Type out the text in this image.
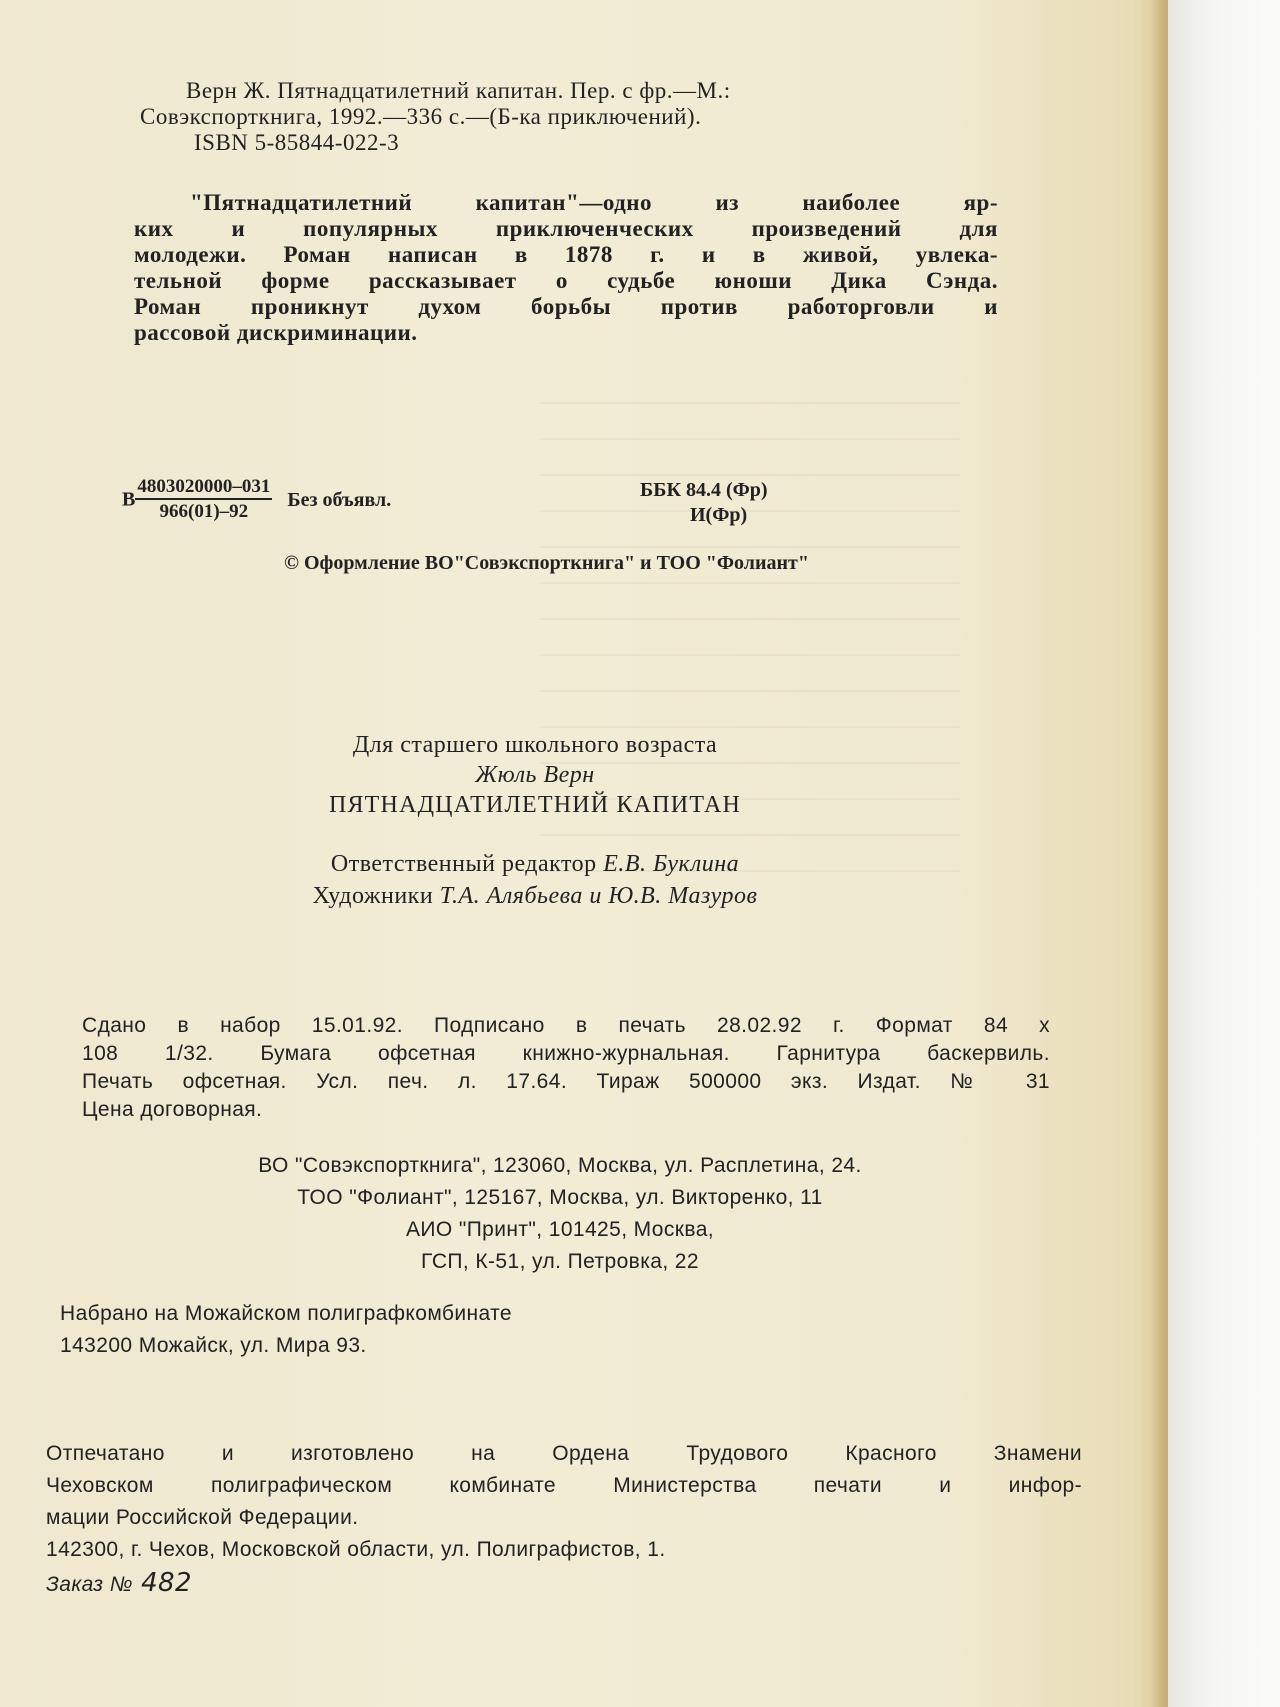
Верн Ж. Пятнадцатилетний капитан. Пер. с фр.—М.:
Совэкспорткнига, 1992.—336 с.—(Б-ка приключений).
ISBN 5-85844-022-3
"Пятнадцатилетний капитан"—одно из наиболее яр-
ких и популярных приключенческих произведений для
молодежи. Роман написан в 1878 г. и в живой, увлека-
тельной форме рассказывает о судьбе юноши Дика Сэнда.
Роман проникнут духом борьбы против работорговли и
рассовой дискриминации.
В $\frac{4803020000-031}{966(01)-92}$ Без объявл.	ББК 84.4 (Фр)
И(Фр)
© Оформление ВО"Совэкспорткнига" и ТОО "Фолиант"
Для старшего школьного возраста
Жюль Верн
ПЯТНАДЦАТИЛЕТНИЙ КАПИТАН
Ответственный редактор Е.В. Буклина
Художники Т.А. Алябьева и Ю.В. Мазуров
Сдано в набор 15.01.92. Подписано в печать 28.02.92 г. Формат 84 х
108 1/32. Бумага офсетная книжно-журнальная. Гарнитура баскервиль.
Печать офсетная. Усл. печ. л. 17.64. Тираж 500000 экз. Издат. № 31
Цена договорная.
ВО "Совэкспорткнига", 123060, Москва, ул. Расплетина, 24.
ТОО "Фолиант", 125167, Москва, ул. Викторенко, 11
АИО "Принт", 101425, Москва,
ГСП, К-51, ул. Петровка, 22
Набрано на Можайском полиграфкомбинате
143200 Можайск, ул. Мира 93.
Отпечатано и изготовлено на Ордена Трудового Красного Знамени
Чеховском полиграфическом комбинате Министерства печати и инфор-
мации Российской Федерации.
142300, г. Чехов, Московской области, ул. Полиграфистов, 1.
Заказ № 482
